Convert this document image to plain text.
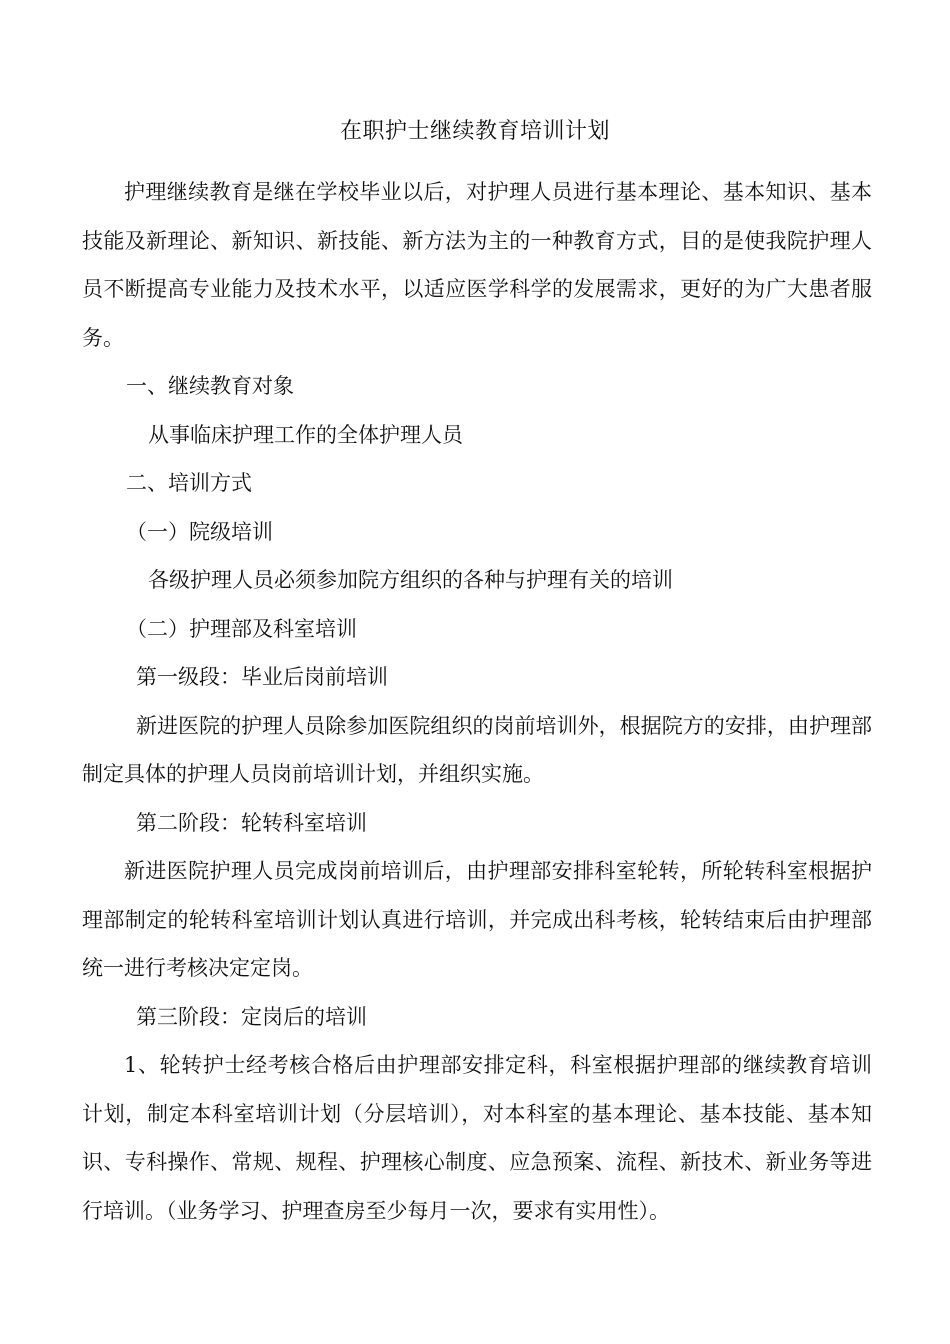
在职护士继续教育培训计划

护理继续教育是继在学校毕业以后，对护理人员进行基本理论、基本知识、基本技能及新理论、新知识、新技能、新方法为主的一种教育方式，目的是使我院护理人员不断提高专业能力及技术水平，以适应医学科学的发展需求，更好的为广大患者服务。

一、继续教育对象

从事临床护理工作的全体护理人员

二、培训方式

（一）院级培训

各级护理人员必须参加院方组织的各种与护理有关的培训

（二）护理部及科室培训

第一级段：毕业后岗前培训

新进医院的护理人员除参加医院组织的岗前培训外，根据院方的安排，由护理部制定具体的护理人员岗前培训计划，并组织实施。

第二阶段：轮转科室培训

新进医院护理人员完成岗前培训后，由护理部安排科室轮转，所轮转科室根据护理部制定的轮转科室培训计划认真进行培训，并完成出科考核，轮转结束后由护理部统一进行考核决定定岗。

第三阶段：定岗后的培训

1、轮转护士经考核合格后由护理部安排定科，科室根据护理部的继续教育培训计划，制定本科室培训计划（分层培训），对本科室的基本理论、基本技能、基本知识、专科操作、常规、规程、护理核心制度、应急预案、流程、新技术、新业务等进行培训。（业务学习、护理查房至少每月一次，要求有实用性）。
